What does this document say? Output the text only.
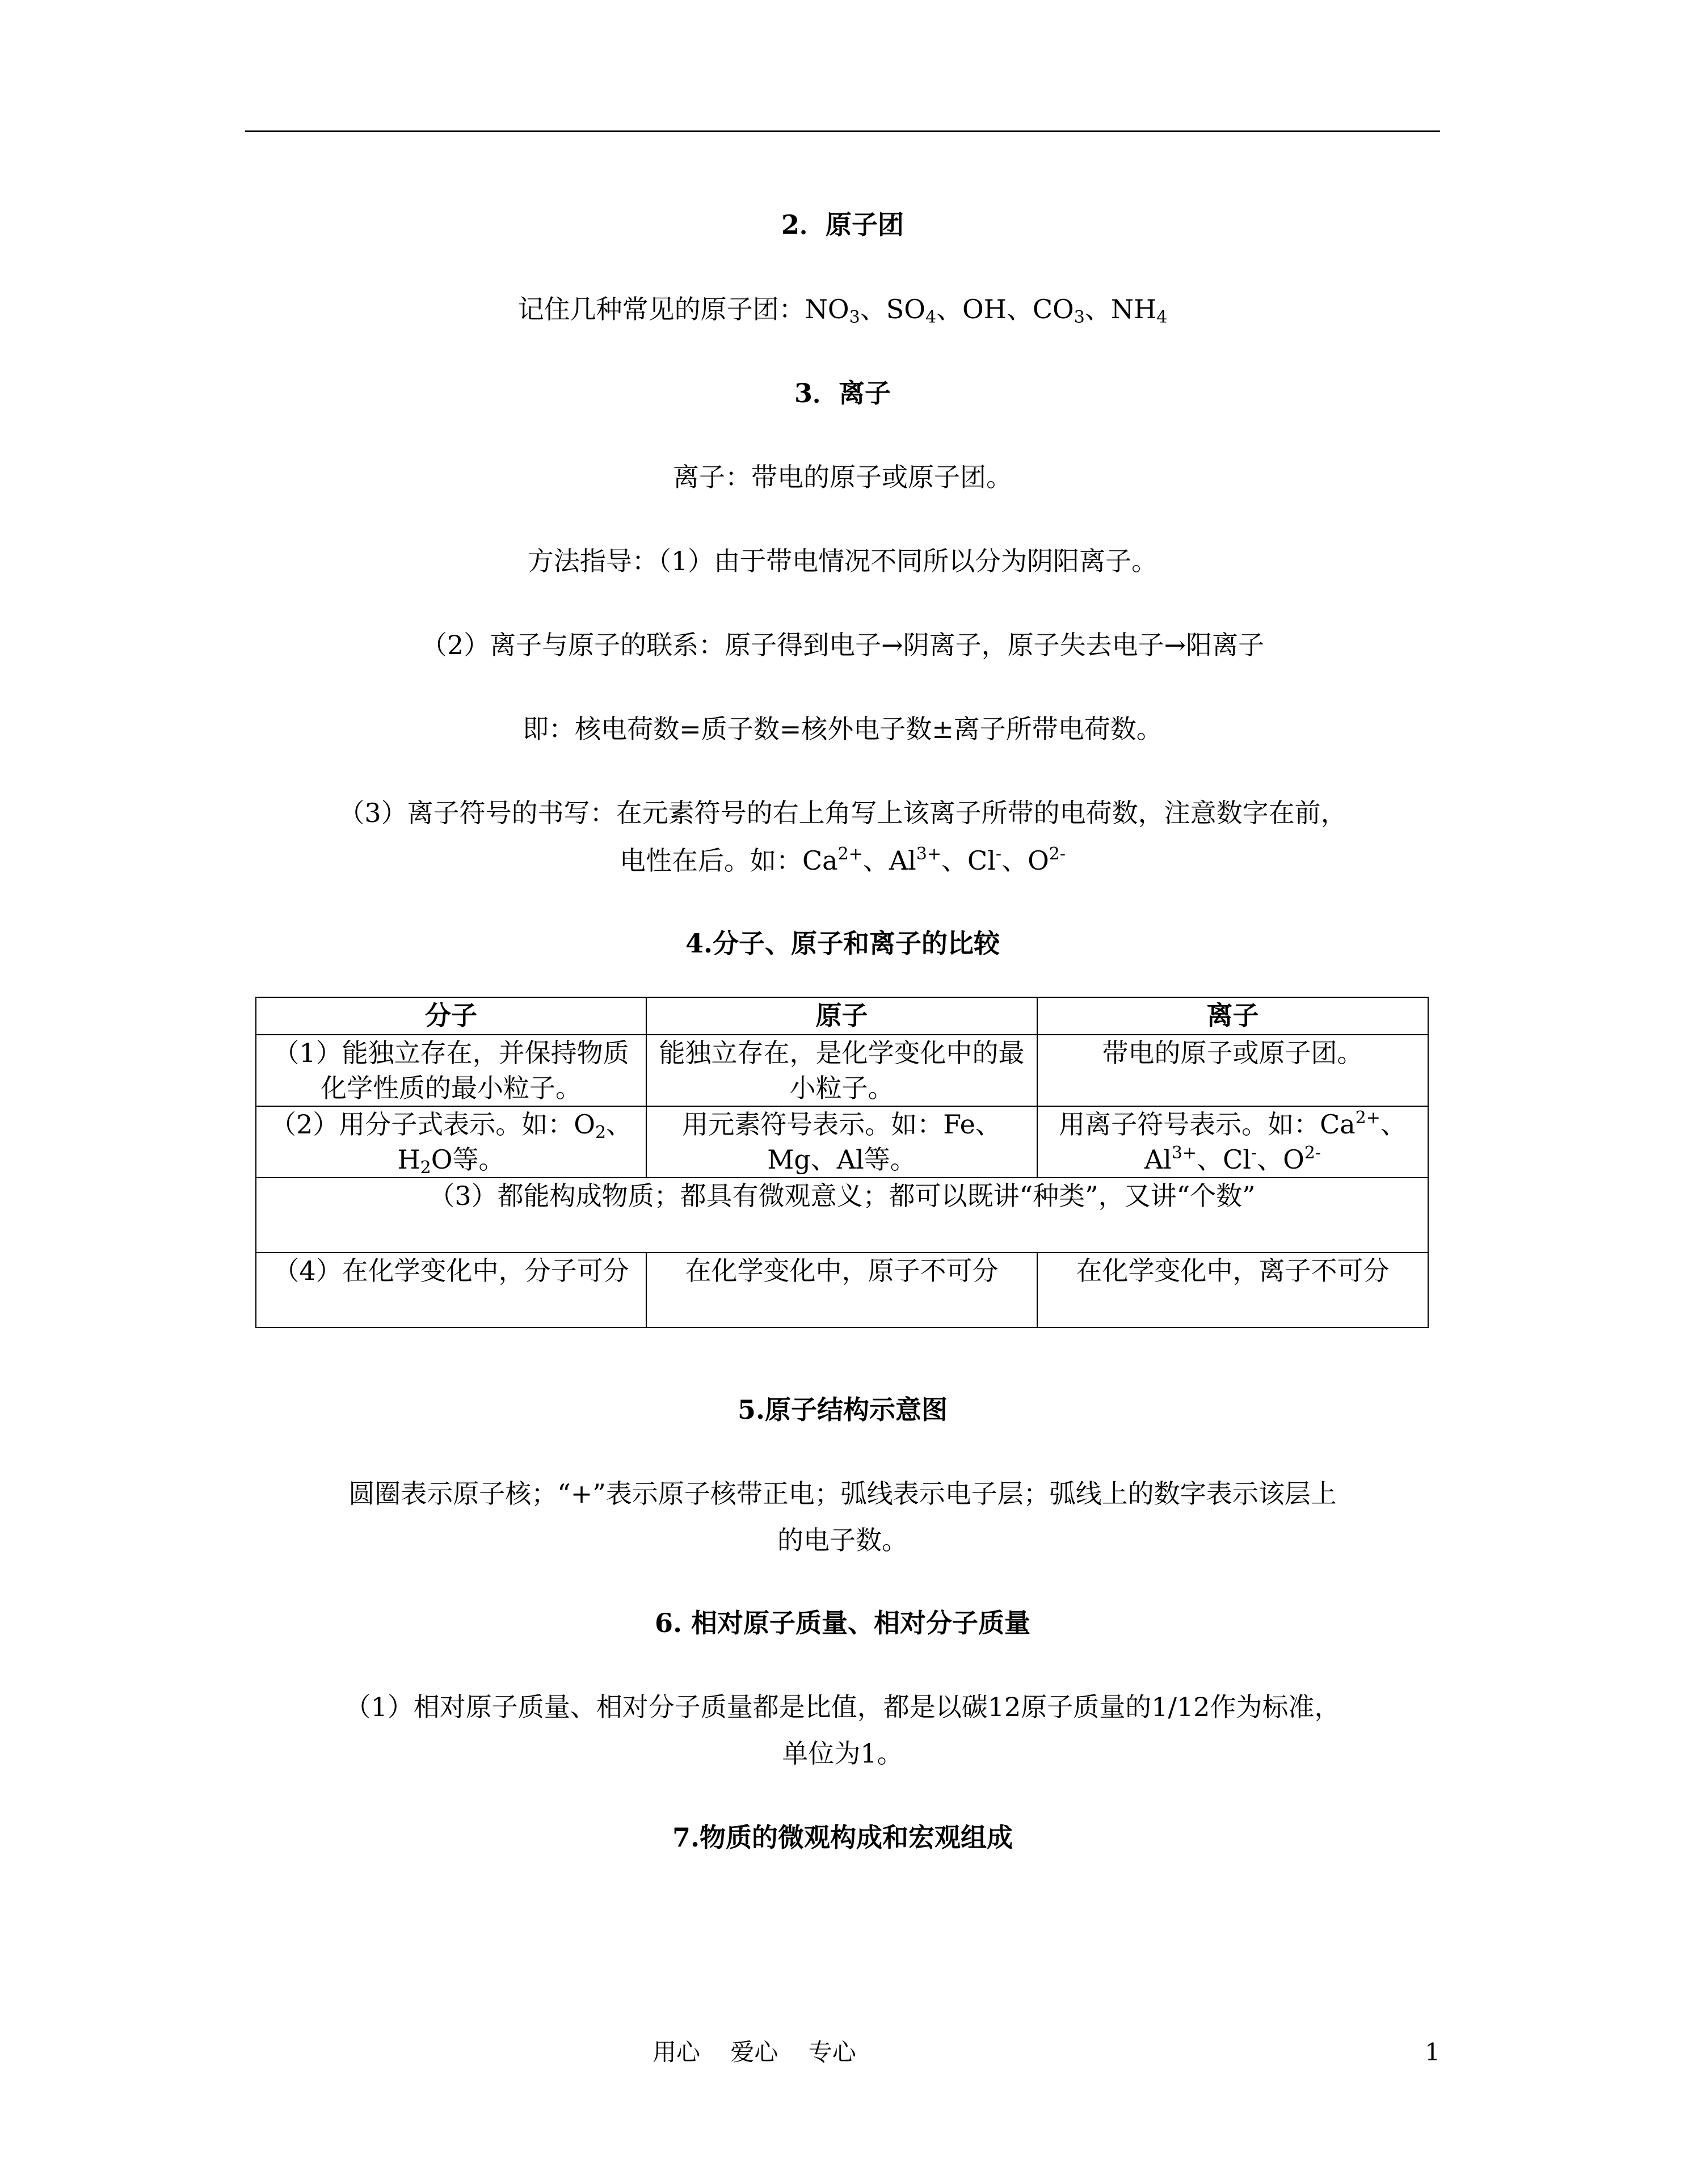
2．原子团
记住几种常见的原子团：$NO_3$、$SO_4$、OH、$CO_3$、$NH_4$
3．离子
离子：带电的原子或原子团。
方法指导：（1）由于带电情况不同所以分为阴阳离子。
（2）离子与原子的联系：原子得到电子→阴离子，原子失去电子→阳离子
即：核电荷数=质子数=核外电子数±离子所带电荷数。
（3）离子符号的书写：在元素符号的右上角写上该离子所带的电荷数，注意数字在前，
电性在后。如：$Ca^{2+}$、$Al^{3+}$、Cl-、$O^{2-}$
4.分子、原子和离子的比较
分子	原子	离子
（1）能独立存在，并保持物质化学性质的最小粒子。	能独立存在，是化学变化中的最小粒子。	带电的原子或原子团。
（2）用分子式表示。如：$O_2$、$H_2O$等。	用元素符号表示。如：Fe、Mg、Al等。	用离子符号表示。如：$Ca^{2+}$、$Al^{3+}$、Cl-、$O^{2-}$
（3）都能构成物质；都具有微观意义；都可以既讲“种类”，又讲“个数”		
（4）在化学变化中，分子可分	在化学变化中，原子不可分	在化学变化中，离子不可分
5.原子结构示意图
圆圈表示原子核；“+”表示原子核带正电；弧线表示电子层；弧线上的数字表示该层上
的电子数。
6. 相对原子质量、相对分子质量
（1）相对原子质量、相对分子质量都是比值，都是以碳12原子质量的1/12作为标准，
单位为1。
7.物质的微观构成和宏观组成
用心    爱心    专心	1
